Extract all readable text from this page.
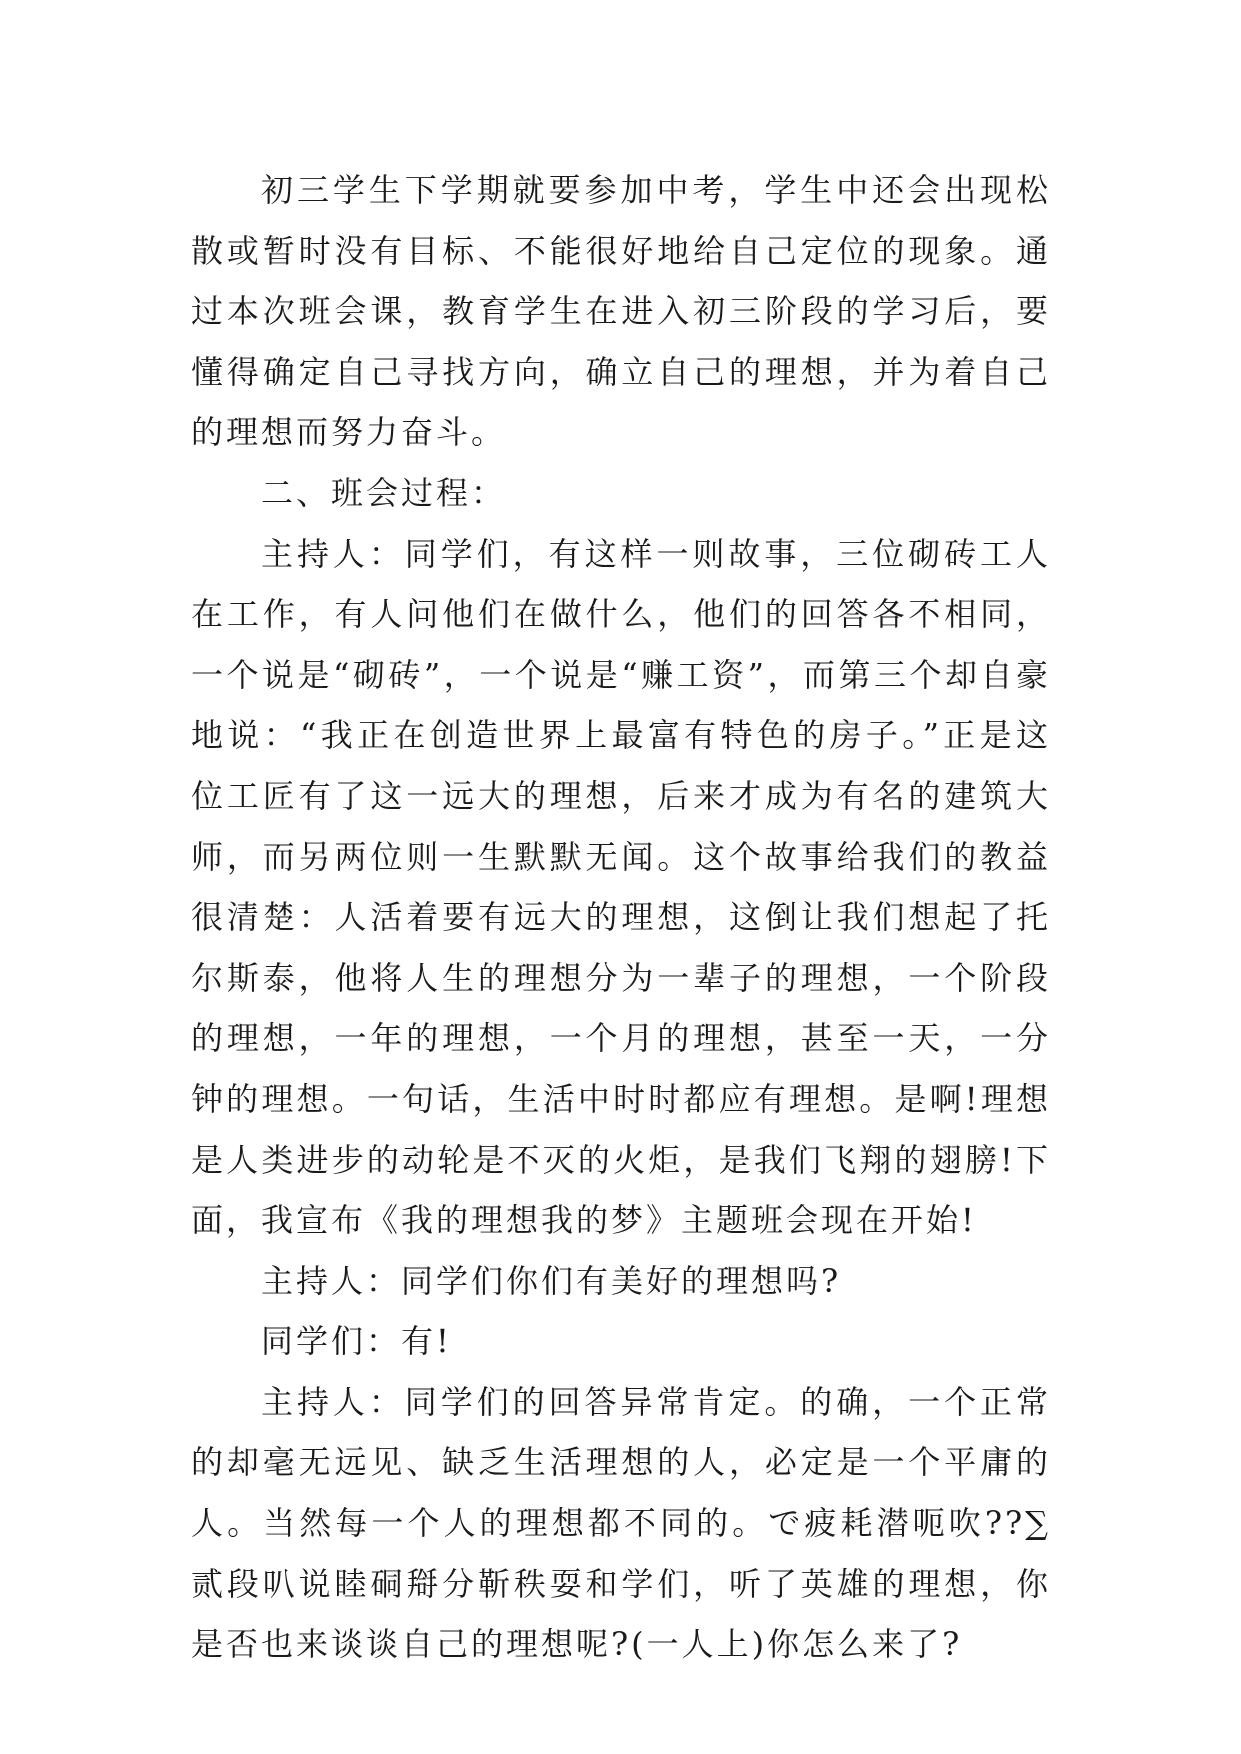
初三学生下学期就要参加中考，学生中还会出现松散或暂时没有目标、不能很好地给自己定位的现象。通过本次班会课，教育学生在进入初三阶段的学习后，要懂得确定自己寻找方向，确立自己的理想，并为着自己的理想而努力奋斗。

二、班会过程：

主持人：同学们，有这样一则故事，三位砌砖工人在工作，有人问他们在做什么，他们的回答各不相同，一个说是“砌砖”，一个说是“赚工资”，而第三个却自豪地说：“我正在创造世界上最富有特色的房子。”正是这位工匠有了这一远大的理想，后来才成为有名的建筑大师，而另两位则一生默默无闻。这个故事给我们的教益很清楚：人活着要有远大的理想，这倒让我们想起了托尔斯泰，他将人生的理想分为一辈子的理想，一个阶段的理想，一年的理想，一个月的理想，甚至一天，一分钟的理想。一句话，生活中时时都应有理想。是啊!理想是人类进步的动轮是不灭的火炬，是我们飞翔的翅膀!下面，我宣布《我的理想我的梦》主题班会现在开始!

主持人：同学们你们有美好的理想吗?

同学们：有!

主持人：同学们的回答异常肯定。的确，一个正常的却毫无远见、缺乏生活理想的人，必定是一个平庸的人。当然每一个人的理想都不同的。で疲耗潜呃吹??∑贰段叭说睦硐搿分靳秩耍和学们，听了英雄的理想，你是否也来谈谈自己的理想呢?(一人上)你怎么来了?
